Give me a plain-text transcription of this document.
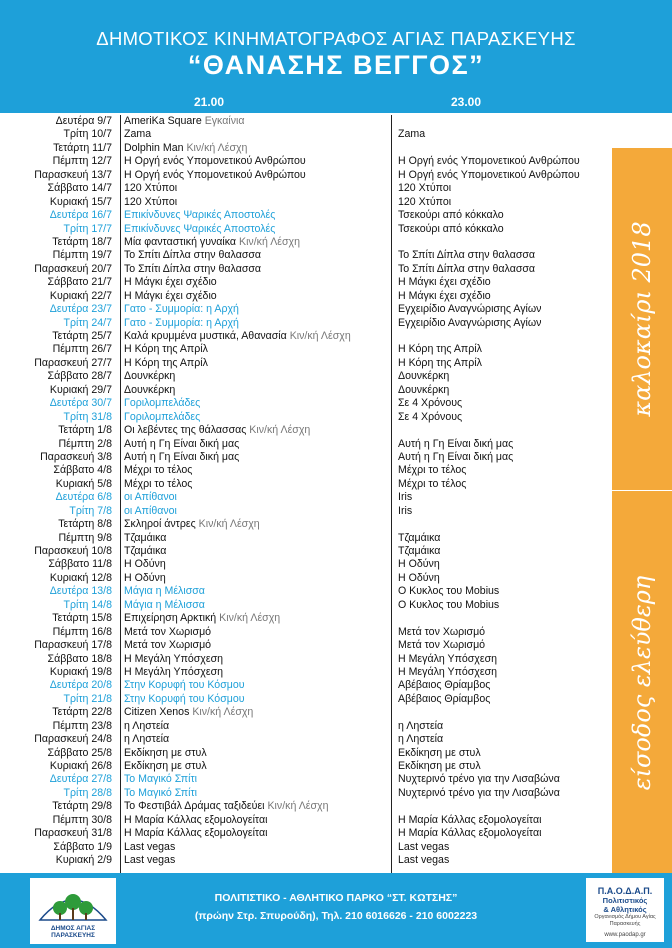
ΔΗΜΟΤΙΚΟΣ ΚΙΝΗΜΑΤΟΓΡΑΦΟΣ ΑΓΙΑΣ ΠΑΡΑΣΚΕΥΗΣ
“ΘΑΝΑΣΗΣ ΒΕΓΓΟΣ”
21.00	23.00
Δευτέρα 9/7 AmeriKa Square Εγκαίνια
Τρίτη 10/7 Zama	Zama
Τετάρτη 11/7 Dolphin Man Κιν/κή Λέσχη
Πέμπτη 12/7 Η Οργή ενός Υπομονετικού Ανθρώπου	Η Οργή ενός Υπομονετικού Ανθρώπου
Παρασκευή 13/7 Η Οργή ενός Υπομονετικού Ανθρώπου	Η Οργή ενός Υπομονετικού Ανθρώπου
Σάββατο 14/7 120 Χτύποι	120 Χτύποι
Κυριακή 15/7 120 Χτύποι	120 Χτύποι
Δευτέρα 16/7 Επικίνδυνες Ψαρικές Αποστολές	Τσεκούρι από κόκκαλο
Τρίτη 17/7 Επικίνδυνες Ψαρικές Αποστολές	Τσεκούρι από κόκκαλο
Τετάρτη 18/7 Μία φανταστική γυναίκα Κιν/κή Λέσχη
Πέμπτη 19/7 Το Σπίτι Δίπλα στην θαλασσα	Το Σπίτι Δίπλα στην θαλασσα
Παρασκευή 20/7 Το Σπίτι Δίπλα στην θαλασσα	Το Σπίτι Δίπλα στην θαλασσα
Σάββατο 21/7 Η Μάγκι έχει σχέδιο	Η Μάγκι έχει σχέδιο
Κυριακή 22/7 Η Μάγκι έχει σχέδιο	Η Μάγκι έχει σχέδιο
Δευτέρα 23/7 Γατο - Συμμορία: η Αρχή	Εγχειρίδιο Αναγνώρισης Αγίων
Τρίτη 24/7 Γατο - Συμμορία: η Αρχή	Εγχειρίδιο Αναγνώρισης Αγίων
Τετάρτη 25/7 Καλά κρυμμένα μυστικά, Αθανασία Κιν/κή Λέσχη
Πέμπτη 26/7 Η Κόρη της Απρίλ	Η Κόρη της Απρίλ
Παρασκευή 27/7 Η Κόρη της Απρίλ	Η Κόρη της Απρίλ
Σάββατο 28/7 Δουνκέρκη	Δουνκέρκη
Κυριακή 29/7 Δουνκέρκη	Δουνκέρκη
Δευτέρα 30/7 Γοριλομπελάδες	Σε 4 Χρόνους
Τρίτη 31/8 Γοριλομπελάδες	Σε 4 Χρόνους
Τετάρτη 1/8 Οι λεβέντες της θάλασσας Κιν/κή Λέσχη
Πέμπτη 2/8 Αυτή η Γη Είναι δική μας	Αυτή η Γη Είναι δική μας
Παρασκευή 3/8 Αυτή η Γη Είναι δική μας	Αυτή η Γη Είναι δική μας
Σάββατο 4/8 Μέχρι το τέλος	Μέχρι το τέλος
Κυριακή 5/8 Μέχρι το τέλος	Μέχρι το τέλος
Δευτέρα 6/8 οι Απίθανοι	Iris
Τρίτη 7/8 οι Απίθανοι	Iris
Τετάρτη 8/8 Σκληροί άντρες Κιν/κή Λέσχη
Πέμπτη 9/8 Τζαμάικα	Τζαμάικα
Παρασκευή 10/8 Τζαμάικα	Τζαμάικα
Σάββατο 11/8 Η Οδύνη	Η Οδύνη
Κυριακή 12/8 Η Οδύνη	Η Οδύνη
Δευτέρα 13/8 Μάγια η Μέλισσα	Ο Κυκλος του Mobius
Τρίτη 14/8 Μάγια η Μέλισσα	Ο Κυκλος του Mobius
Τετάρτη 15/8 Επιχείρηση Αρκτική Κιν/κή Λέσχη
Πέμπτη 16/8 Μετά τον Χωρισμό	Μετά τον Χωρισμό
Παρασκευή 17/8 Μετά τον Χωρισμό	Μετά τον Χωρισμό
Σάββατο 18/8 Η Μεγάλη Υπόσχεση	Η Μεγάλη Υπόσχεση
Κυριακή 19/8 Η Μεγάλη Υπόσχεση	Η Μεγάλη Υπόσχεση
Δευτέρα 20/8 Στην Κορυφή του Κόσμου	Αβέβαιος Θρίαμβος
Τρίτη 21/8 Στην Κορυφή του Κόσμου	Αβέβαιος Θρίαμβος
Τετάρτη 22/8 Citizen Xenos Κιν/κή Λέσχη
Πέμπτη 23/8 η Ληστεία	η Ληστεία
Παρασκευή 24/8 η Ληστεία	η Ληστεία
Σάββατο 25/8 Εκδίκηση με στυλ	Εκδίκηση με στυλ
Κυριακή 26/8 Εκδίκηση με στυλ	Εκδίκηση με στυλ
Δευτέρα 27/8 Το Μαγικό Σπίτι	Νυχτερινό τρένο για την Λισαβώνα
Τρίτη 28/8 Το Μαγικό Σπίτι	Νυχτερινό τρένο για την Λισαβώνα
Τετάρτη 29/8 Το Φεστιβάλ Δράμας ταξιδεύει Κιν/κή Λέσχη
Πέμπτη 30/8 Η Μαρία Κάλλας εξομολογείται	Η Μαρία Κάλλας εξομολογείται
Παρασκευή 31/8 Η Μαρία Κάλλας εξομολογείται	Η Μαρία Κάλλας εξομολογείται
Σάββατο 1/9 Last vegas	Last vegas
Κυριακή 2/9 Last vegas	Last vegas
καλοκαίρι 2018
είσοδος ελεύθερη
ΠΟΛΙΤΙΣΤΙΚΟ - ΑΘΛΗΤΙΚΟ ΠΑΡΚΟ “ΣΤ. ΚΩΤΣΗΣ”
(πρώην Στρ. Σπυρούδη), Τηλ. 210 6016626 - 210 6002223
ΔΗΜΟΣ ΑΓΙΑΣ ΠΑΡΑΣΚΕΥΗΣ
Π.Α.Ο.Δ.Α.Π.
Πολιτιστικός
& Αθλητικός
Οργανισμός Δήμου Αγίας Παρασκευής
www.paodap.gr
